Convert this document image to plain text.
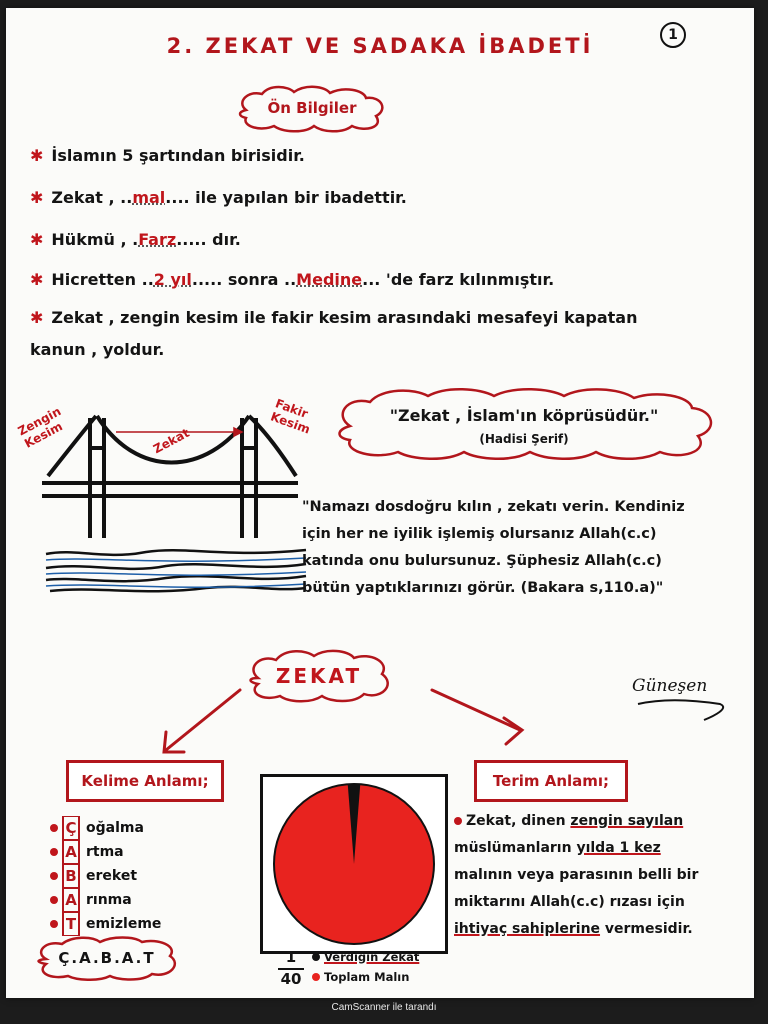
2. ZEKAT VE SADAKA İBADETİ	1
Ön Bilgiler
✱ İslamın 5 şartından birisidir.
✱ Zekat , ..mal.... ile yapılan bir ibadettir.
✱ Hükmü , .Farz..... dır.
✱ Hicretten ..2 yıl..... sonra ..Medine... 'de farz kılınmıştır.
✱ Zekat , zengin kesim ile fakir kesim arasındaki mesafeyi kapatan
kanun , yoldur.
Zengin Kesim	Zekat
Fakir Kesim	"Zekat , İslam'ın köprüsüdür."
(Hadisi Şerif)
"Namazı dosdoğru kılın , zekatı verin. Kendiniz
için her ne iyilik işlemiş olursanız Allah(c.c)
katında onu bulursunuz. Şüphesiz Allah(c.c)
bütün yaptıklarınızı görür. (Bakara s,110.a)"
ZEKAT	Güneşen
Kelime Anlamı;
Ç oğalma
A rtma
B ereket
A rınma
T emizleme
Ç.A.B.A.T	1
40
Verdiğin Zekat
Toplam Malın
Terim Anlamı;
Zekat, dinen zengin sayılan
müslümanların yılda 1 kez
malının veya parasının belli bir
miktarını Allah(c.c) rızası için
ihtiyaç sahiplerine vermesidir.
CamScanner ile tarandı
